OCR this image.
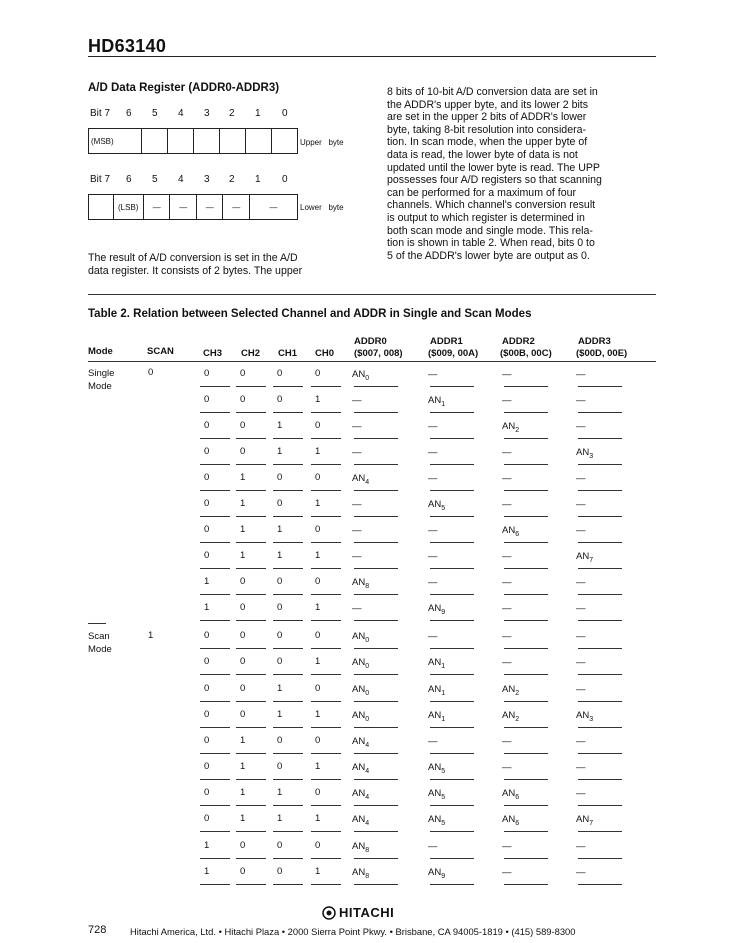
HD63140
A/D Data Register (ADDR0-ADDR3)
Bit 7 6 5 4 3 2 1 0
(MSB)	Upper   byte
Bit 7 6 5 4 3 2 1 0
(LSB)	—	—	—	—	—	Lower   byte

The result of A/D conversion is set in the A/D

data register. It consists of 2 bytes. The upper

8 bits of 10-bit A/D conversion data are set in

the ADDR's upper byte, and its lower 2 bits

are set in the upper 2 bits of ADDR's lower

byte, taking 8-bit resolution into considera-

tion. In scan mode, when the upper byte of

data is read, the lower byte of data is not

updated until the lower byte is read. The UPP

possesses four A/D registers so that scanning

can be performed for a maximum of four

channels. Which channel's conversion result

is output to which register is determined in

both scan mode and single mode. This rela-

tion is shown in table 2. When read, bits 0 to

5 of the ADDR's lower byte are output as 0.

Table 2. Relation between Selected Channel and ADDR in Single and Scan Modes
Mode	SCAN	CH3 CH2 CH1 CH0
ADDR0
($007, 008)
ADDR1
($009, 00A)
ADDR2
($00B, 00C)
ADDR3
($00D, 00E)
Single
Mode
0
Scan
Mode
1
0	0	0	0	$AN_0$	—	—	—
0	0	0	1	—	$AN_1$	—	—
0	0	1	0	—	—	$AN_2$	—
0	0	1	1	—	—	—	$AN_3$
0	1	0	0	$AN_4$	—	—	—
0	1	0	1	—	$AN_5$	—	—
0	1	1	0	—	—	$AN_6$	—
0	1	1	1	—	—	—	$AN_7$
1	0	0	0	$AN_8$	—	—	—
1	0	0	1	—	$AN_9$	—	—
0	0	0	0	$AN_0$	—	—	—
0	0	0	1	$AN_0$	$AN_1$	—	—
0	0	1	0	$AN_0$	$AN_1$	$AN_2$	—
0	0	1	1	$AN_0$	$AN_1$	$AN_2$	$AN_3$
0	1	0	0	$AN_4$	—	—	—
0	1	0	1	$AN_4$	$AN_5$	—	—
0	1	1	0	$AN_4$	$AN_5$	$AN_6$	—
0	1	1	1	$AN_4$	$AN_5$	$AN_6$	$AN_7$
1	0	0	0	$AN_8$	—	—	—
1	0	0	1	$AN_8$	$AN_9$	—	—
728
HITACHI
Hitachi America, Ltd. • Hitachi Plaza • 2000 Sierra Point Pkwy. • Brisbane, CA 94005-1819 • (415) 589-8300
